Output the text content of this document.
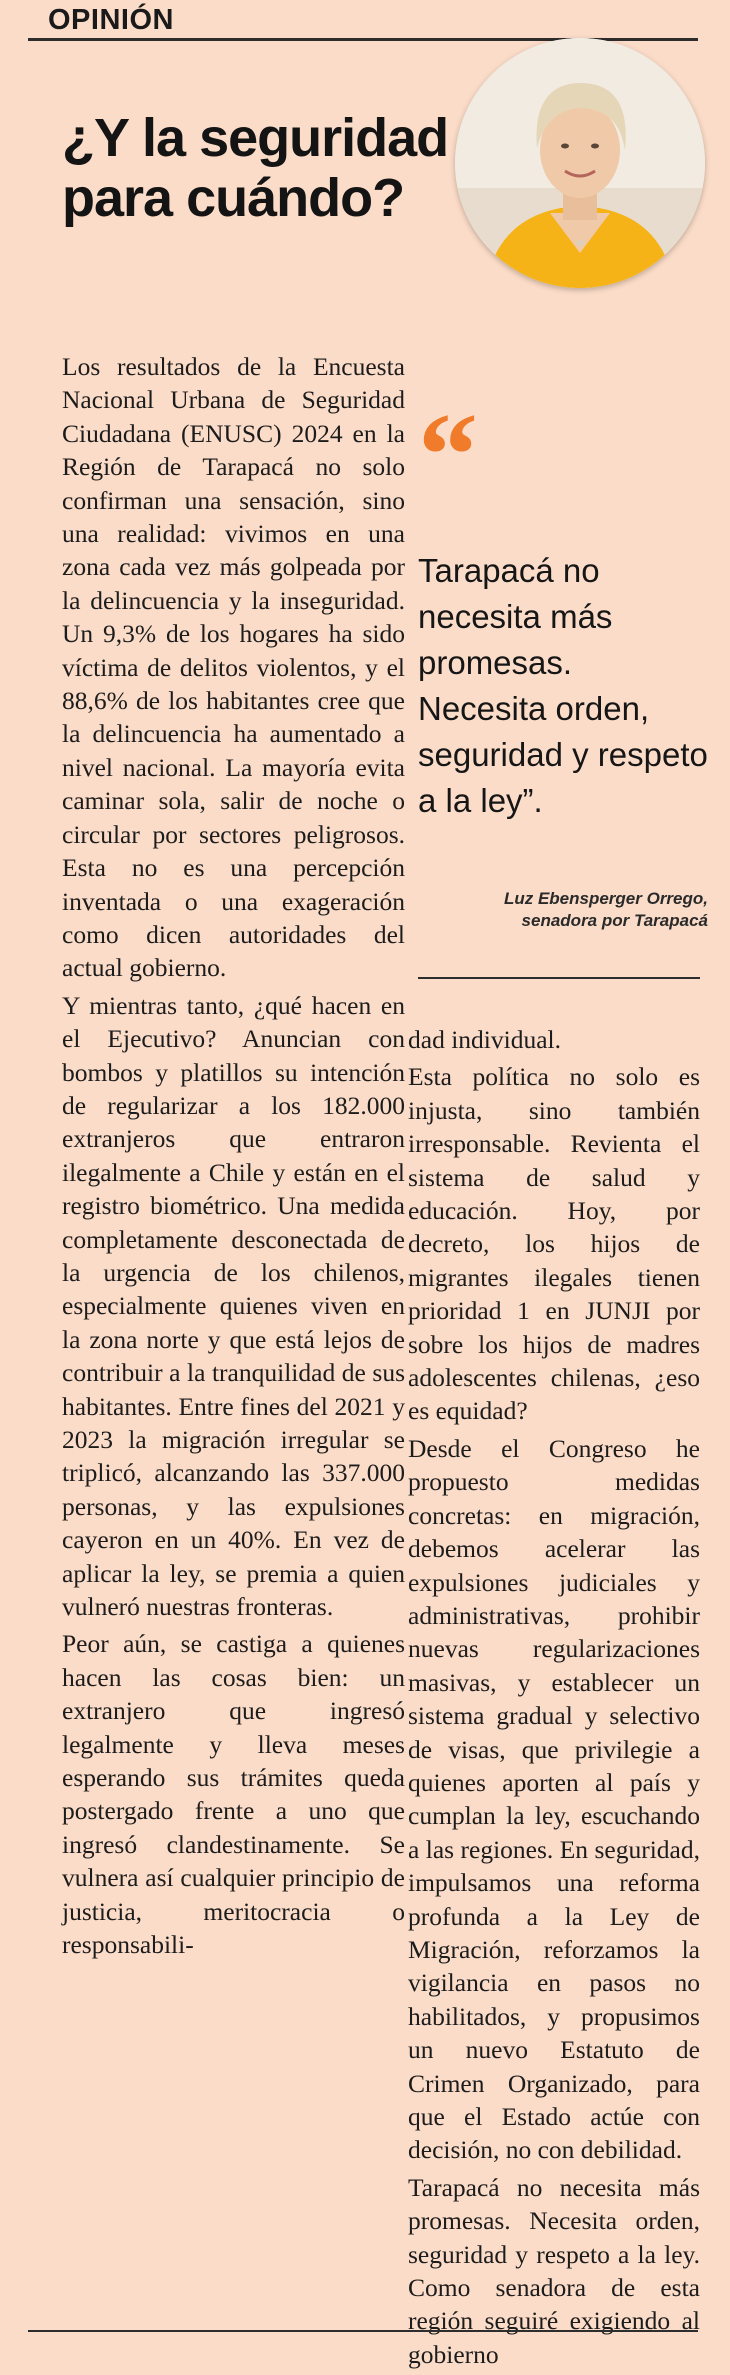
OPINIÓN
¿Y la seguridad para cuándo?

Los resultados de la Encuesta Nacional Urbana de Seguridad Ciudadana (ENUSC) 2024 en la Región de Tarapacá no solo confirman una sensación, sino una realidad: vivimos en una zona cada vez más golpeada por la delincuencia y la inseguridad. Un 9,3% de los hogares ha sido víctima de delitos violentos, y el 88,6% de los habitantes cree que la delincuencia ha aumentado a nivel nacional. La mayoría evita caminar sola, salir de noche o circular por sectores peligrosos. Esta no es una percepción inventada o una exageración como dicen autoridades del actual gobierno.

Y mientras tanto, ¿qué hacen en el Ejecutivo? Anuncian con bombos y platillos su intención de regularizar a los 182.000 extranjeros que entraron ilegalmente a Chile y están en el registro biométrico. Una medida completamente desconectada de la urgencia de los chilenos, especialmente quienes viven en la zona norte y que está lejos de contribuir a la tranquilidad de sus habitantes. Entre fines del 2021 y 2023 la migración irregular se triplicó, alcanzando las 337.000 personas, y las expulsiones cayeron en un 40%. En vez de aplicar la ley, se premia a quien vulneró nuestras fronteras.

Peor aún, se castiga a quienes hacen las cosas bien: un extranjero que ingresó legalmente y lleva meses esperando sus trámites queda postergado frente a uno que ingresó clandestinamente. Se vulnera así cualquier principio de justicia, meritocracia o responsabili-

“
Tarapacá no necesita más promesas. Necesita orden, seguridad y respeto a la ley”.
Luz Ebensperger Orrego,
senadora por Tarapacá

dad individual.

Esta política no solo es injusta, sino también irresponsable. Revienta el sistema de salud y educación. Hoy, por decreto, los hijos de migrantes ilegales tienen prioridad 1 en JUNJI por sobre los hijos de madres adolescentes chilenas, ¿eso es equidad?

Desde el Congreso he propuesto medidas concretas: en migración, debemos acelerar las expulsiones judiciales y administrativas, prohibir nuevas regularizaciones masivas, y establecer un sistema gradual y selectivo de visas, que privilegie a quienes aporten al país y cumplan la ley, escuchando a las regiones. En seguridad, impulsamos una reforma profunda a la Ley de Migración, reforzamos la vigilancia en pasos no habilitados, y propusimos un nuevo Estatuto de Crimen Organizado, para que el Estado actúe con decisión, no con debilidad.

Tarapacá no necesita más promesas. Necesita orden, seguridad y respeto a la ley. Como senadora de esta región seguiré exigiendo al gobierno
